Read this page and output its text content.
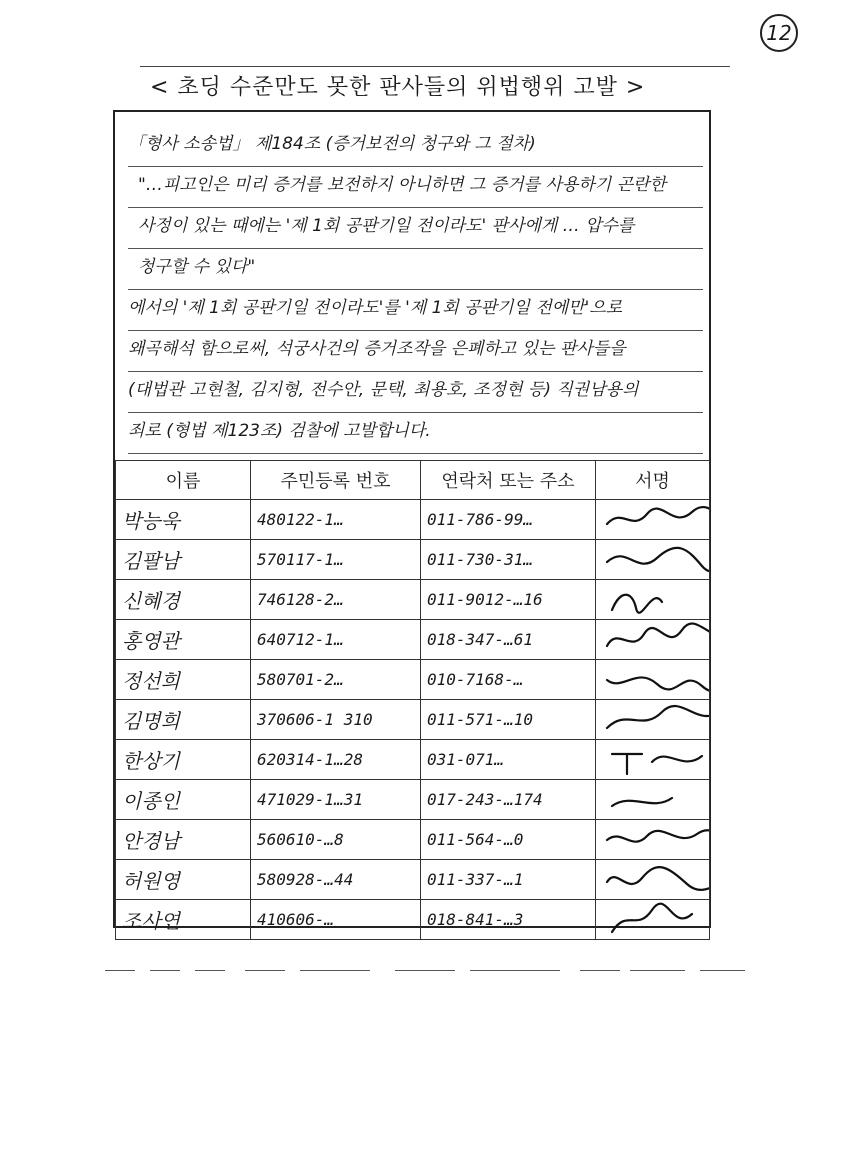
12
< 초딩 수준만도 못한 판사들의 위법행위 고발 >
「형사 소송법」 제184조 (증거보전의 청구와 그 절차)
"…피고인은 미리 증거를 보전하지 아니하면 그 증거를 사용하기 곤란한
사정이 있는 때에는 '제 1회 공판기일 전이라도' 판사에게 … 압수를
청구할 수 있다"
에서의 '제 1회 공판기일 전이라도'를 '제 1회 공판기일 전에만'으로
왜곡해석 함으로써, 석궁사건의 증거조작을 은폐하고 있는 판사들을
(대법관 고현철, 김지형, 전수안, 문택, 최용호, 조정현 등) 직권남용의
죄로 (형법 제123조) 검찰에 고발합니다.
이름	주민등록 번호	연락처 또는 주소	서명
박능욱	480122-1…	011-786-99…	

김팔남	570117-1…	011-730-31…	

신혜경	746128-2…	011-9012-…16	

홍영관	640712-1…	018-347-…61	

정선희	580701-2…	010-7168-…	

김명희	370606-1 310	011-571-…10	

한상기	620314-1…28	031-071…	

이종인	471029-1…31	017-243-…174	

안경남	560610-…8	011-564-…0	

허원영	580928-…44	011-337-…1	

조사연	410606-…	018-841-…3	
